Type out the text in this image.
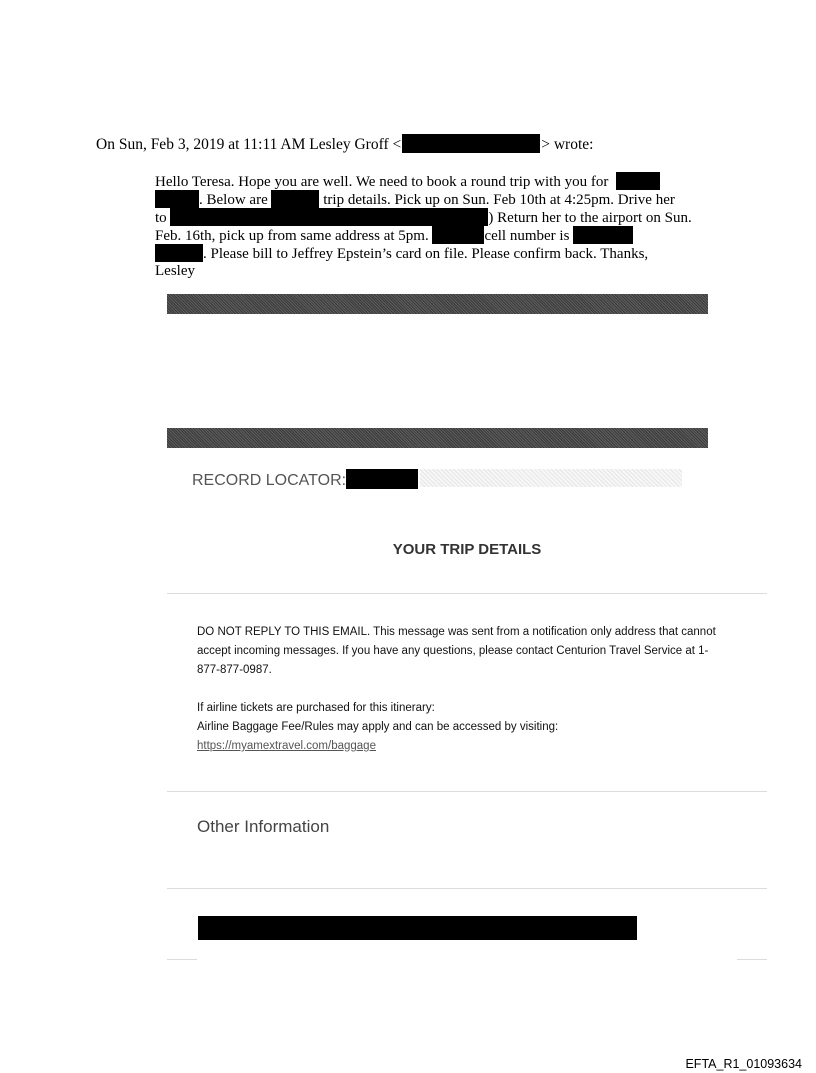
On Sun, Feb 3, 2019 at 11:11 AM Lesley Groff <	> wrote:
Hello Teresa. Hope you are well. We need to book a round trip with you for
. Below are	trip details. Pick up on Sun. Feb 10th at 4:25pm. Drive her
to	) Return her to the airport on Sun.
Feb. 16th, pick up from same address at 5pm.	cell number is
. Please bill to Jeffrey Epstein’s card on file. Please confirm back. Thanks,
Lesley
RECORD LOCATOR:
YOUR TRIP DETAILS

DO NOT REPLY TO THIS EMAIL. This message was sent from a notification only address that cannot accept incoming messages. If you have any questions, please contact Centurion Travel Service at 1-877-877-0987.

If airline tickets are purchased for this itinerary:
Airline Baggage Fee/Rules may apply and can be accessed by visiting:
https://myamextravel.com/baggage
Other Information
EFTA_R1_01093634
